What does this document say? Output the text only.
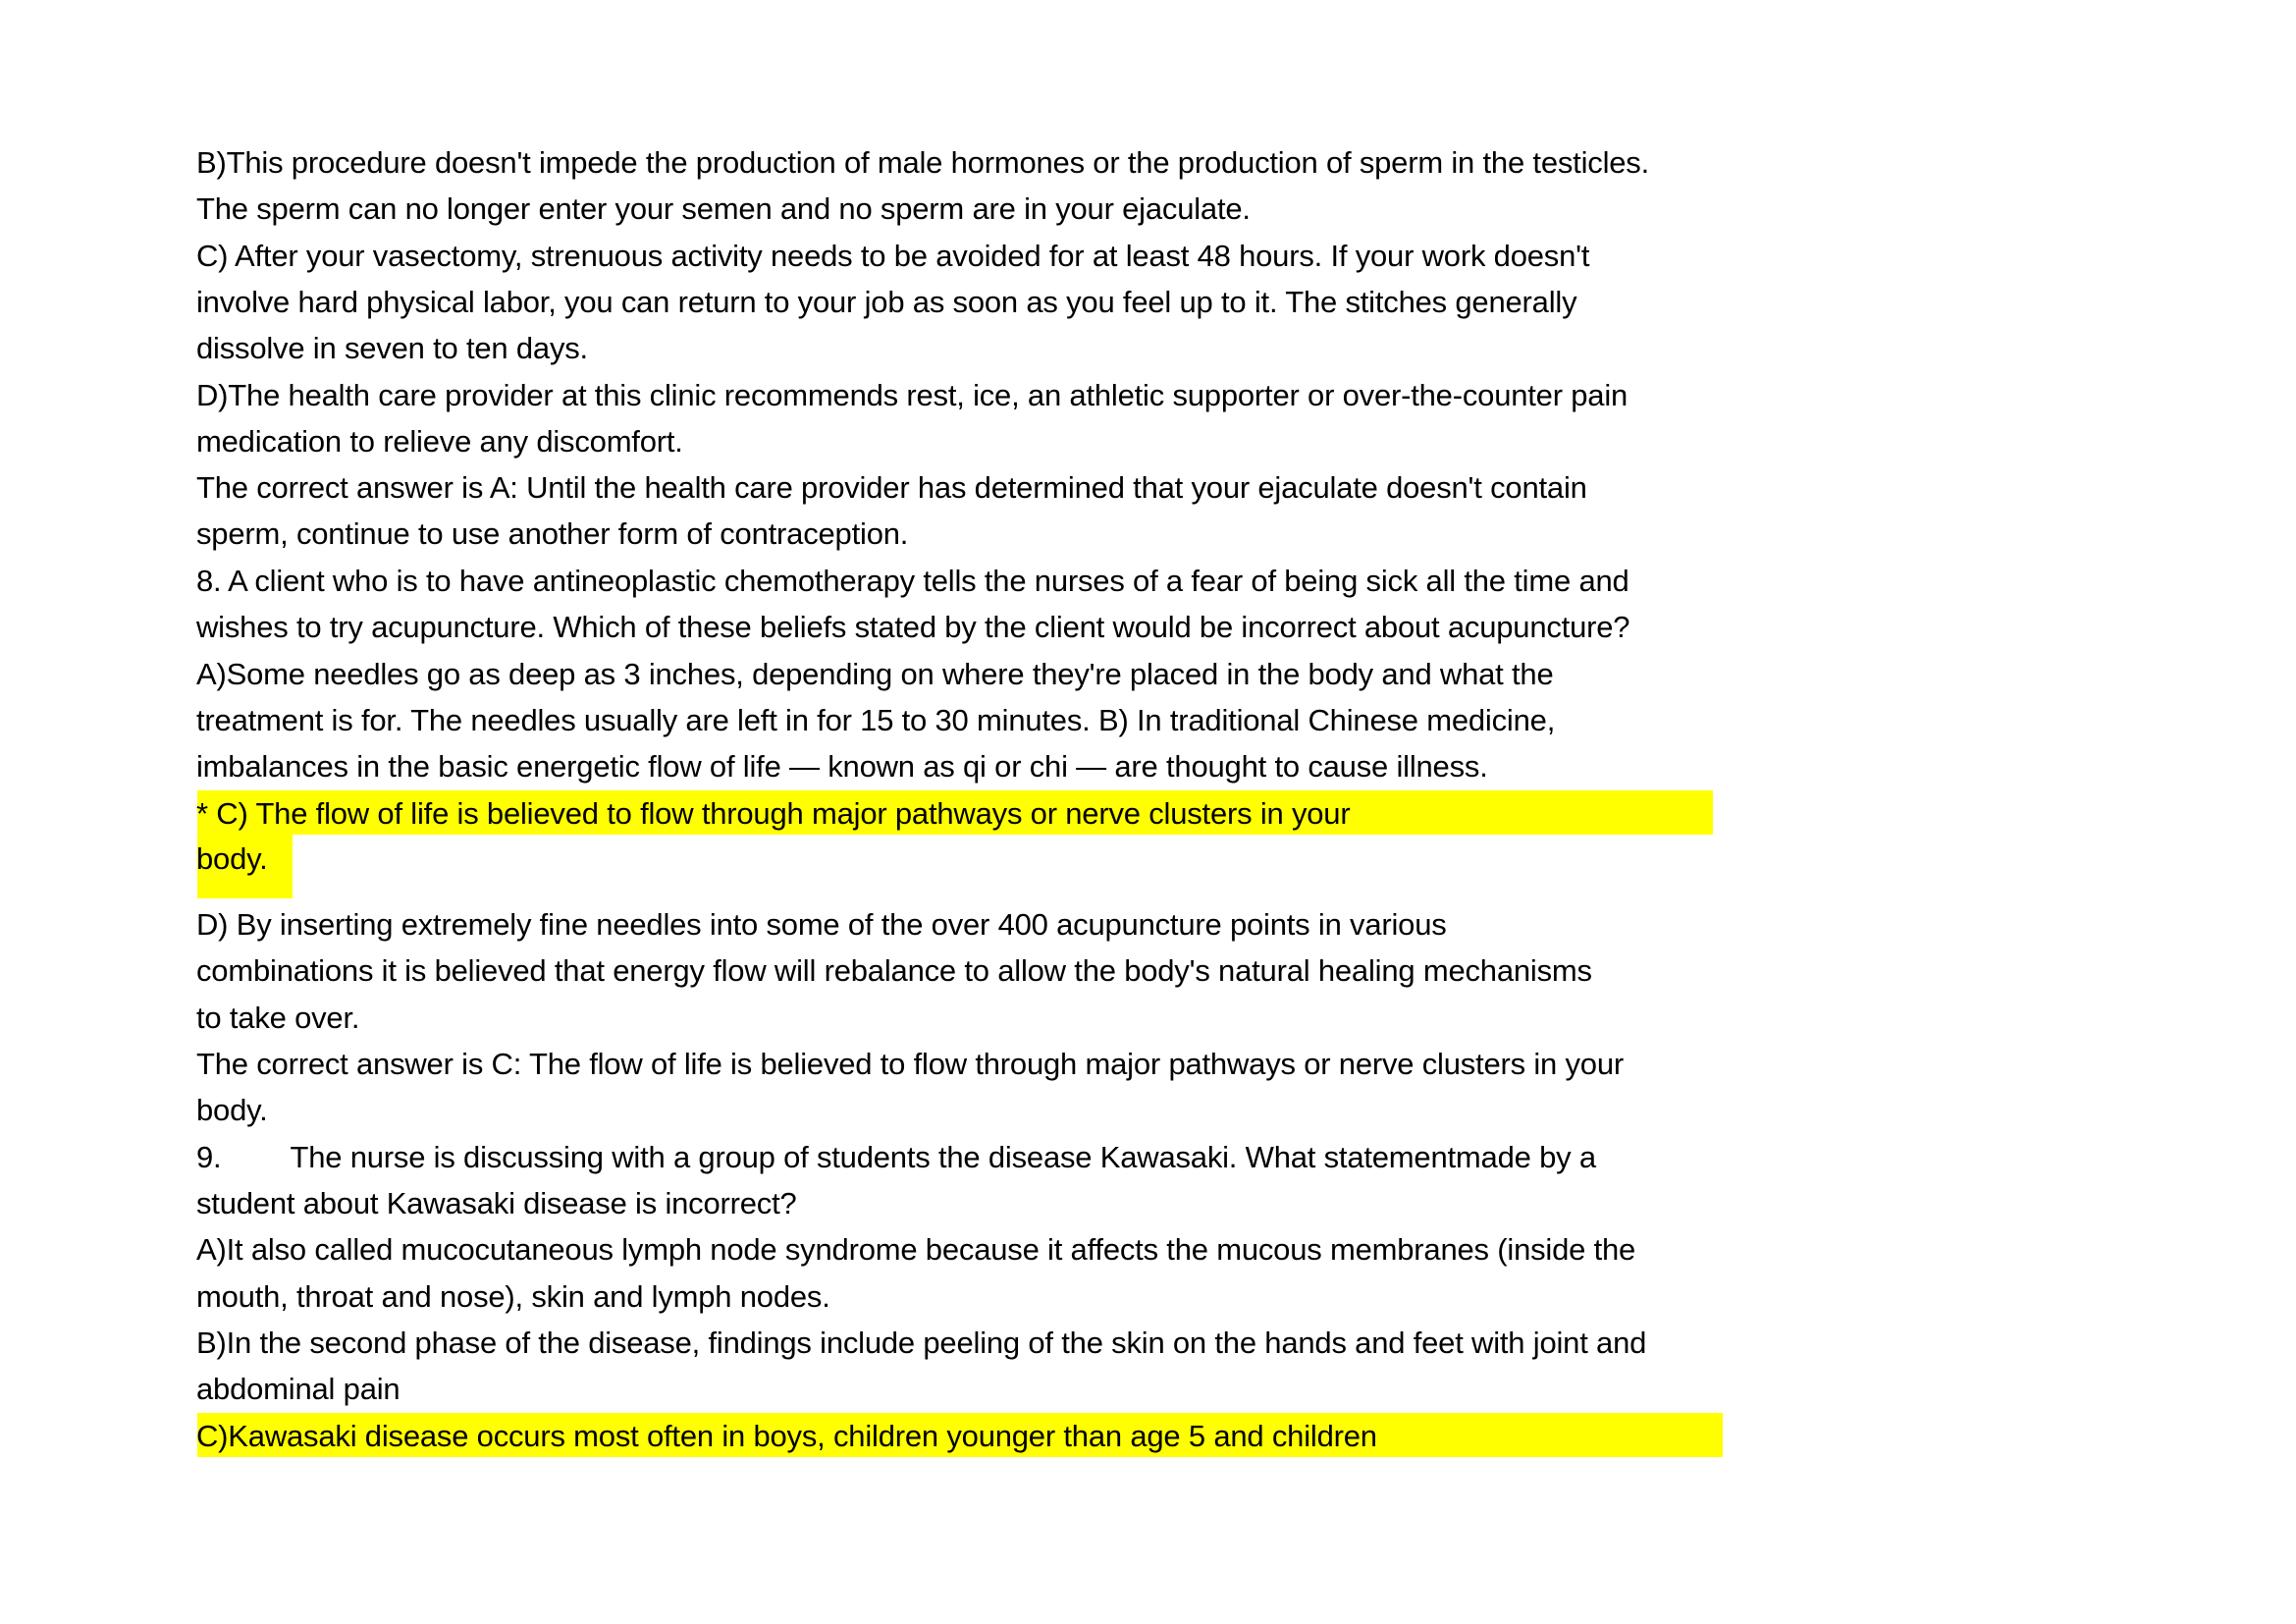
B)This procedure doesn't impede the production of male hormones or the production of sperm in the testicles.

The sperm can no longer enter your semen and no sperm are in your ejaculate.

C) After your vasectomy, strenuous activity needs to be avoided for at least 48 hours. If your work doesn't

involve hard physical labor, you can return to your job as soon as you feel up to it. The stitches generally

dissolve in seven to ten days.

D)The health care provider at this clinic recommends rest, ice, an athletic supporter or over-the-counter pain

medication to relieve any discomfort.

The correct answer is A: Until the health care provider has determined that your ejaculate doesn't contain

sperm, continue to use another form of contraception.

8. A client who is to have antineoplastic chemotherapy tells the nurses of a fear of being sick all the time and

wishes to try acupuncture. Which of these beliefs stated by the client would be incorrect about acupuncture?

A)Some needles go as deep as 3 inches, depending on where they're placed in the body and what the

treatment is for. The needles usually are left in for 15 to 30 minutes. B) In traditional Chinese medicine,

imbalances in the basic energetic flow of life — known as qi or chi — are thought to cause illness.

* C) The flow of life is believed to flow through major pathways or nerve clusters in your

body.

D) By inserting extremely fine needles into some of the over 400 acupuncture points in various

combinations it is believed that energy flow will rebalance to allow the body's natural healing mechanisms

to take over.

The correct answer is C: The flow of life is believed to flow through major pathways or nerve clusters in your

body.

9. The nurse is discussing with a group of students the disease Kawasaki. What statementmade by a

student about Kawasaki disease is incorrect?

A)It also called mucocutaneous lymph node syndrome because it affects the mucous membranes (inside the

mouth, throat and nose), skin and lymph nodes.

B)In the second phase of the disease, findings include peeling of the skin on the hands and feet with joint and

abdominal pain

C)Kawasaki disease occurs most often in boys, children younger than age 5 and children
